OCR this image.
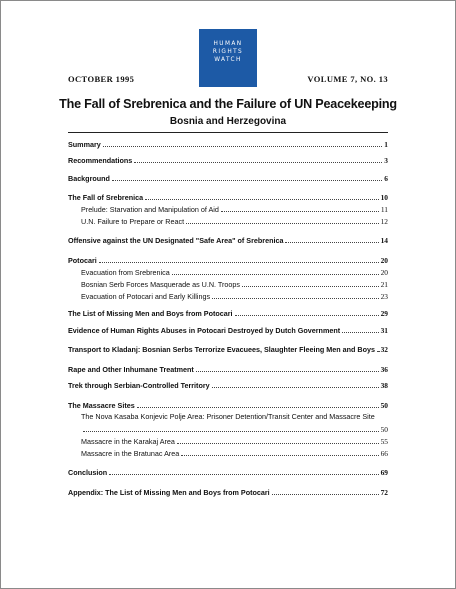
HUMAN
RIGHTS
WATCH
OCTOBER 1995	VOLUME 7, NO. 13
The Fall of Srebrenica and the Failure of UN Peacekeeping
Bosnia and Herzegovina
Summary	1
Recommendations	3
Background	6
The Fall of Srebrenica	10
Prelude: Starvation and Manipulation of Aid	11
U.N. Failure to Prepare or React	12
Offensive against the UN Designated "Safe Area" of Srebrenica	14
Potocari	20
Evacuation from Srebrenica	20
Bosnian Serb Forces Masquerade as U.N. Troops	21
Evacuation of Potocari and Early Killings	23
The List of Missing Men and Boys from Potocari	29
Evidence of Human Rights Abuses in Potocari Destroyed by Dutch Government	31
Transport to Kladanj: Bosnian Serbs Terrorize Evacuees, Slaughter Fleeing Men and Boys 32
Rape and Other Inhumane Treatment	36
Trek through Serbian-Controlled Territory	38
The Massacre Sites	50
The Nova Kasaba Konjevic Polje Area: Prisoner Detention/Transit Center and Massacre Site
50
Massacre in the Karakaj Area	55
Massacre in the Bratunac Area	66
Conclusion	69
Appendix: The List of Missing Men and Boys from Potocari	72
